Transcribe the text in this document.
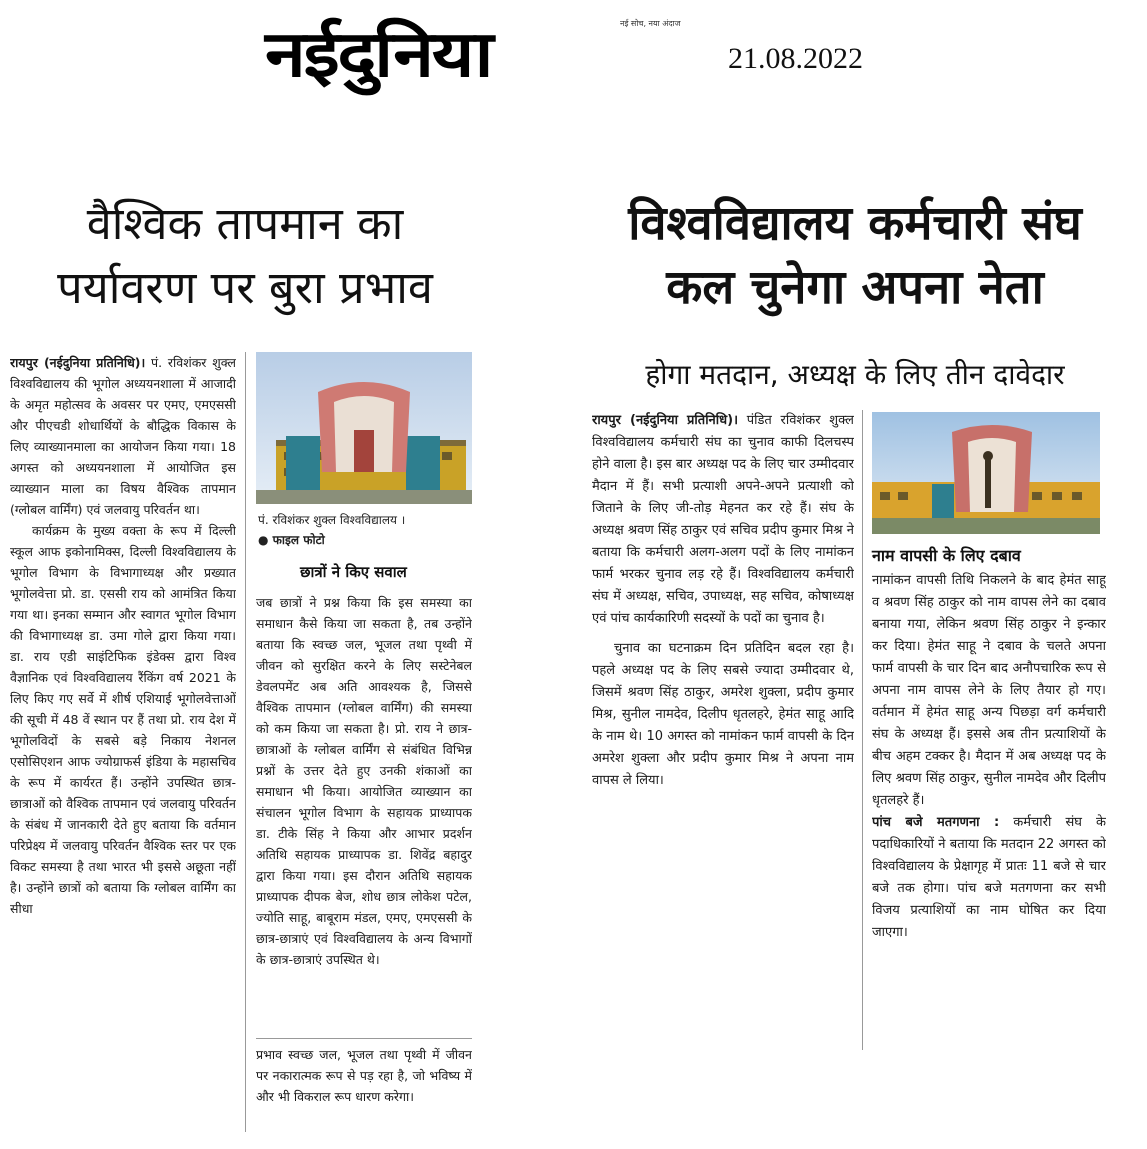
नईदुनिया	नई सोच, नया अंदाज
21.08.2022
वैश्विक तापमान का
पर्यावरण पर बुरा प्रभाव

रायपुर (नईदुनिया प्रतिनिधि)। पं. रविशंकर शुक्ल विश्वविद्यालय की भूगोल अध्ययनशाला में आजादी के अमृत महोत्सव के अवसर पर एमए, एमएससी और पीएचडी शोधार्थियों के बौद्धिक विकास के लिए व्याख्यानमाला का आयोजन किया गया। 18 अगस्त को अध्ययनशाला में आयोजित इस व्याख्यान माला का विषय वैश्विक तापमान (ग्लोबल वार्मिंग) एवं जलवायु परिवर्तन था।

कार्यक्रम के मुख्य वक्ता के रूप में दिल्ली स्कूल आफ इकोनामिक्स, दिल्ली विश्वविद्यालय के भूगोल विभाग के विभागाध्यक्ष और प्रख्यात भूगोलवेत्ता प्रो. डा. एससी राय को आमंत्रित किया गया था। इनका सम्मान और स्वागत भूगोल विभाग की विभागाध्यक्ष डा. उमा गोले द्वारा किया गया। डा. राय एडी साइंटिफिक इंडेक्स द्वारा विश्व वैज्ञानिक एवं विश्वविद्यालय रैंकिंग वर्ष 2021 के लिए किए गए सर्वे में शीर्ष एशियाई भूगोलवेत्ताओं की सूची में 48 वें स्थान पर हैं तथा प्रो. राय देश में भूगोलविदों के सबसे बड़े निकाय नेशनल एसोसिएशन आफ ज्योग्राफर्स इंडिया के महासचिव के रूप में कार्यरत हैं। उन्होंने उपस्थित छात्र-छात्राओं को वैश्विक तापमान एवं जलवायु परिवर्तन के संबंध में जानकारी देते हुए बताया कि वर्तमान परिप्रेक्ष्य में जलवायु परिवर्तन वैश्विक स्तर पर एक विकट समस्या है तथा भारत भी इससे अछूता नहीं है। उन्होंने छात्रों को बताया कि ग्लोबल वार्मिंग का सीधा

पं. रविशंकर शुक्ल विश्वविद्यालय ।
● फाइल फोटो
छात्रों ने किए सवाल

जब छात्रों ने प्रश्न किया कि इस समस्या का समाधान कैसे किया जा सकता है, तब उन्होंने बताया कि स्वच्छ जल, भूजल तथा पृथ्वी में जीवन को सुरक्षित करने के लिए सस्टेनेबल डेवलपमेंट अब अति आवश्यक है, जिससे वैश्विक तापमान (ग्लोबल वार्मिंग) की समस्या को कम किया जा सकता है। प्रो. राय ने छात्र-छात्राओं के ग्लोबल वार्मिंग से संबंधित विभिन्न प्रश्नों के उत्तर देते हुए उनकी शंकाओं का समाधान भी किया। आयोजित व्याख्यान का संचालन भूगोल विभाग के सहायक प्राध्यापक डा. टीके सिंह ने किया और आभार प्रदर्शन अतिथि सहायक प्राध्यापक डा. शिवेंद्र बहादुर द्वारा किया गया। इस दौरान अतिथि सहायक प्राध्यापक दीपक बेज, शोध छात्र लोकेश पटेल, ज्योति साहू, बाबूराम मंडल, एमए, एमएससी के छात्र-छात्राएं एवं विश्वविद्यालय के अन्य विभागों के छात्र-छात्राएं उपस्थित थे।

प्रभाव स्वच्छ जल, भूजल तथा पृथ्वी में जीवन पर नकारात्मक रूप से पड़ रहा है, जो भविष्य में और भी विकराल रूप धारण करेगा।

विश्वविद्यालय कर्मचारी संघ
कल चुनेगा अपना नेता
होगा मतदान, अध्यक्ष के लिए तीन दावेदार

रायपुर (नईदुनिया प्रतिनिधि)। पंडित रविशंकर शुक्ल विश्वविद्यालय कर्मचारी संघ का चुनाव काफी दिलचस्प होने वाला है। इस बार अध्यक्ष पद के लिए चार उम्मीदवार मैदान में हैं। सभी प्रत्याशी अपने-अपने प्रत्याशी को जिताने के लिए जी-तोड़ मेहनत कर रहे हैं। संघ के अध्यक्ष श्रवण सिंह ठाकुर एवं सचिव प्रदीप कुमार मिश्र ने बताया कि कर्मचारी अलग-अलग पदों के लिए नामांकन फार्म भरकर चुनाव लड़ रहे हैं। विश्वविद्यालय कर्मचारी संघ में अध्यक्ष, सचिव, उपाध्यक्ष, सह सचिव, कोषाध्यक्ष एवं पांच कार्यकारिणी सदस्यों के पदों का चुनाव है।

चुनाव का घटनाक्रम दिन प्रतिदिन बदल रहा है। पहले अध्यक्ष पद के लिए सबसे ज्यादा उम्मीदवार थे, जिसमें श्रवण सिंह ठाकुर, अमरेश शुक्ला, प्रदीप कुमार मिश्र, सुनील नामदेव, दिलीप धृतलहरे, हेमंत साहू आदि के नाम थे। 10 अगस्त को नामांकन फार्म वापसी के दिन अमरेश शुक्ला और प्रदीप कुमार मिश्र ने अपना नाम वापस ले लिया।

नाम वापसी के लिए दबाव

नामांकन वापसी तिथि निकलने के बाद हेमंत साहू व श्रवण सिंह ठाकुर को नाम वापस लेने का दबाव बनाया गया, लेकिन श्रवण सिंह ठाकुर ने इन्कार कर दिया। हेमंत साहू ने दबाव के चलते अपना फार्म वापसी के चार दिन बाद अनौपचारिक रूप से अपना नाम वापस लेने के लिए तैयार हो गए। वर्तमान में हेमंत साहू अन्य पिछड़ा वर्ग कर्मचारी संघ के अध्यक्ष हैं। इससे अब तीन प्रत्याशियों के बीच अहम टक्कर है। मैदान में अब अध्यक्ष पद के लिए श्रवण सिंह ठाकुर, सुनील नामदेव और दिलीप धृतलहरे हैं।

पांच बजे मतगणना : कर्मचारी संघ के पदाधिकारियों ने बताया कि मतदान 22 अगस्त को विश्वविद्यालय के प्रेक्षागृह में प्रातः 11 बजे से चार बजे तक होगा। पांच बजे मतगणना कर सभी विजय प्रत्याशियों का नाम घोषित कर दिया जाएगा।
